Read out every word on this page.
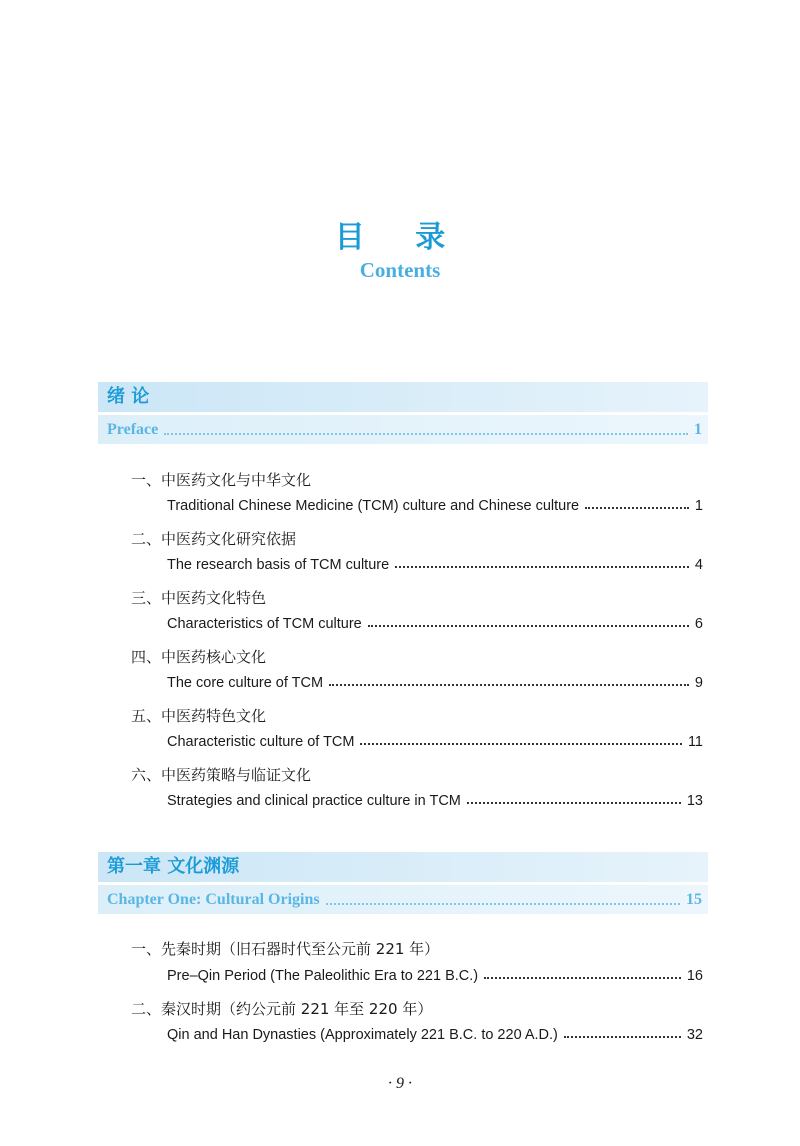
目 录
Contents
绪 论
Preface	1
一、中医药文化与中华文化
Traditional Chinese Medicine (TCM) culture and Chinese culture	1
二、中医药文化研究依据
The research basis of TCM culture	4
三、中医药文化特色
Characteristics of TCM culture	6
四、中医药核心文化
The core culture of TCM	9
五、中医药特色文化
Characteristic culture of TCM	11
六、中医药策略与临证文化
Strategies and clinical practice culture in TCM	13
第一章 文化渊源
Chapter One: Cultural Origins	15
一、先秦时期（旧石器时代至公元前 221 年）
Pre–Qin Period (The Paleolithic Era to 221 B.C.)	16
二、秦汉时期（约公元前 221 年至 220 年）
Qin and Han Dynasties (Approximately 221 B.C. to 220 A.D.)	32
· 9 ·
